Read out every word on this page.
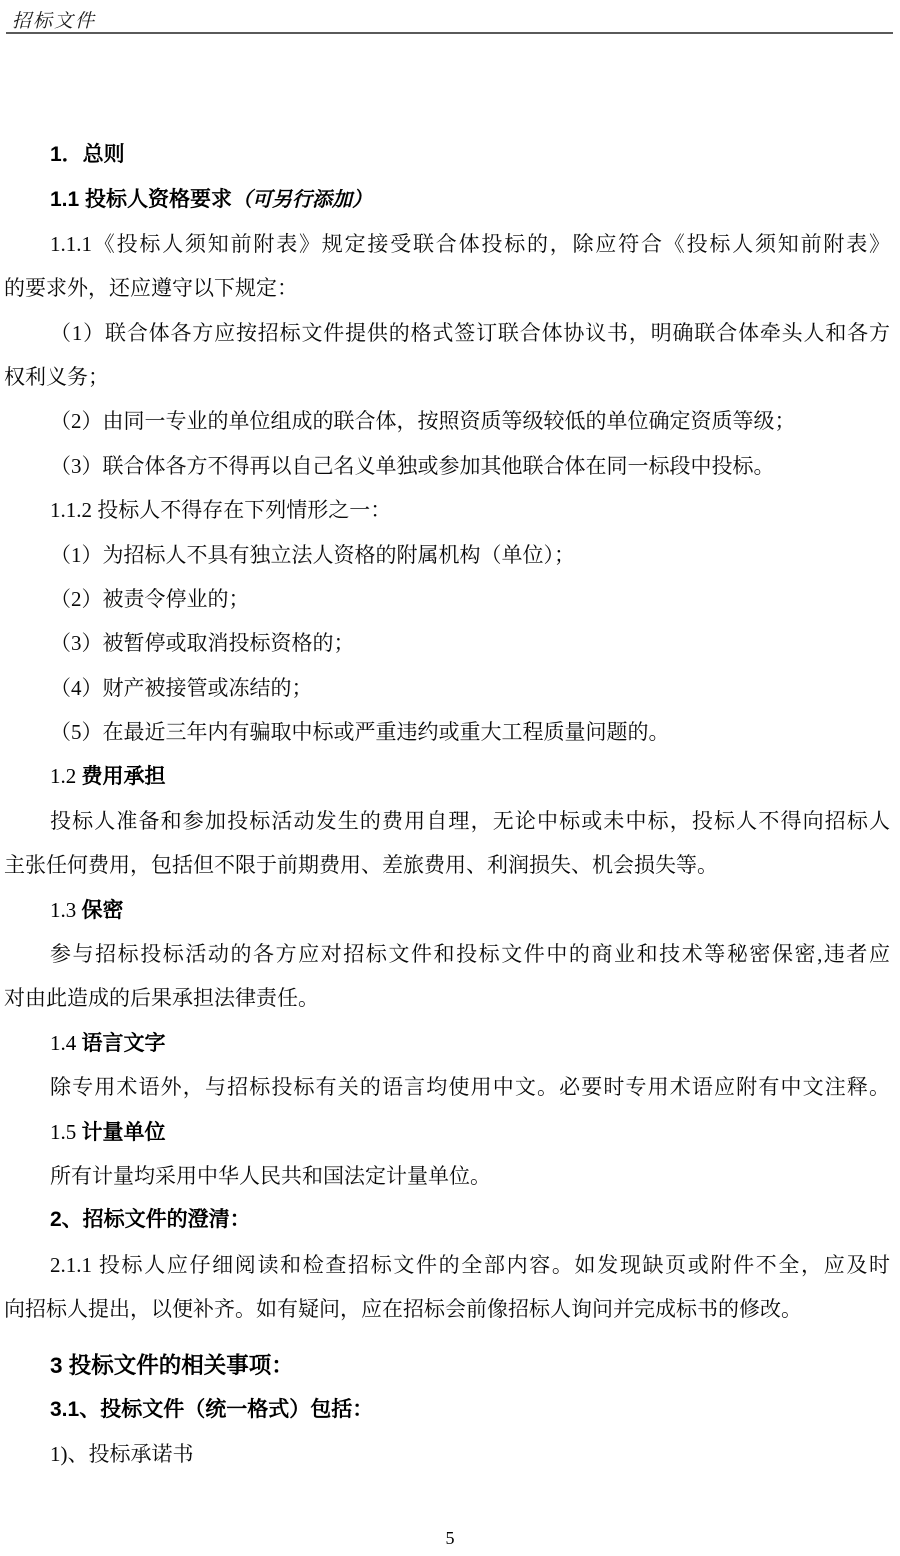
招标文件

1．总则

1.1 投标人资格要求（可另行添加）

1.1.1《投标人须知前附表》规定接受联合体投标的，除应符合《投标人须知前附表》

的要求外，还应遵守以下规定：

（1）联合体各方应按招标文件提供的格式签订联合体协议书，明确联合体牵头人和各方

权利义务；

（2）由同一专业的单位组成的联合体，按照资质等级较低的单位确定资质等级；

（3）联合体各方不得再以自己名义单独或参加其他联合体在同一标段中投标。

1.1.2 投标人不得存在下列情形之一：

（1）为招标人不具有独立法人资格的附属机构（单位）；

（2）被责令停业的；

（3）被暂停或取消投标资格的；

（4）财产被接管或冻结的；

（5）在最近三年内有骗取中标或严重违约或重大工程质量问题的。

1.2 费用承担

投标人准备和参加投标活动发生的费用自理，无论中标或未中标，投标人不得向招标人

主张任何费用，包括但不限于前期费用、差旅费用、利润损失、机会损失等。

1.3 保密

参与招标投标活动的各方应对招标文件和投标文件中的商业和技术等秘密保密,违者应

对由此造成的后果承担法律责任。

1.4 语言文字

除专用术语外，与招标投标有关的语言均使用中文。必要时专用术语应附有中文注释。

1.5 计量单位

所有计量均采用中华人民共和国法定计量单位。

2、招标文件的澄清：

2.1.1 投标人应仔细阅读和检查招标文件的全部内容。如发现缺页或附件不全，应及时

向招标人提出，以便补齐。如有疑问，应在招标会前像招标人询问并完成标书的修改。

3 投标文件的相关事项：

3.1、投标文件（统一格式）包括：

1)、投标承诺书

5
